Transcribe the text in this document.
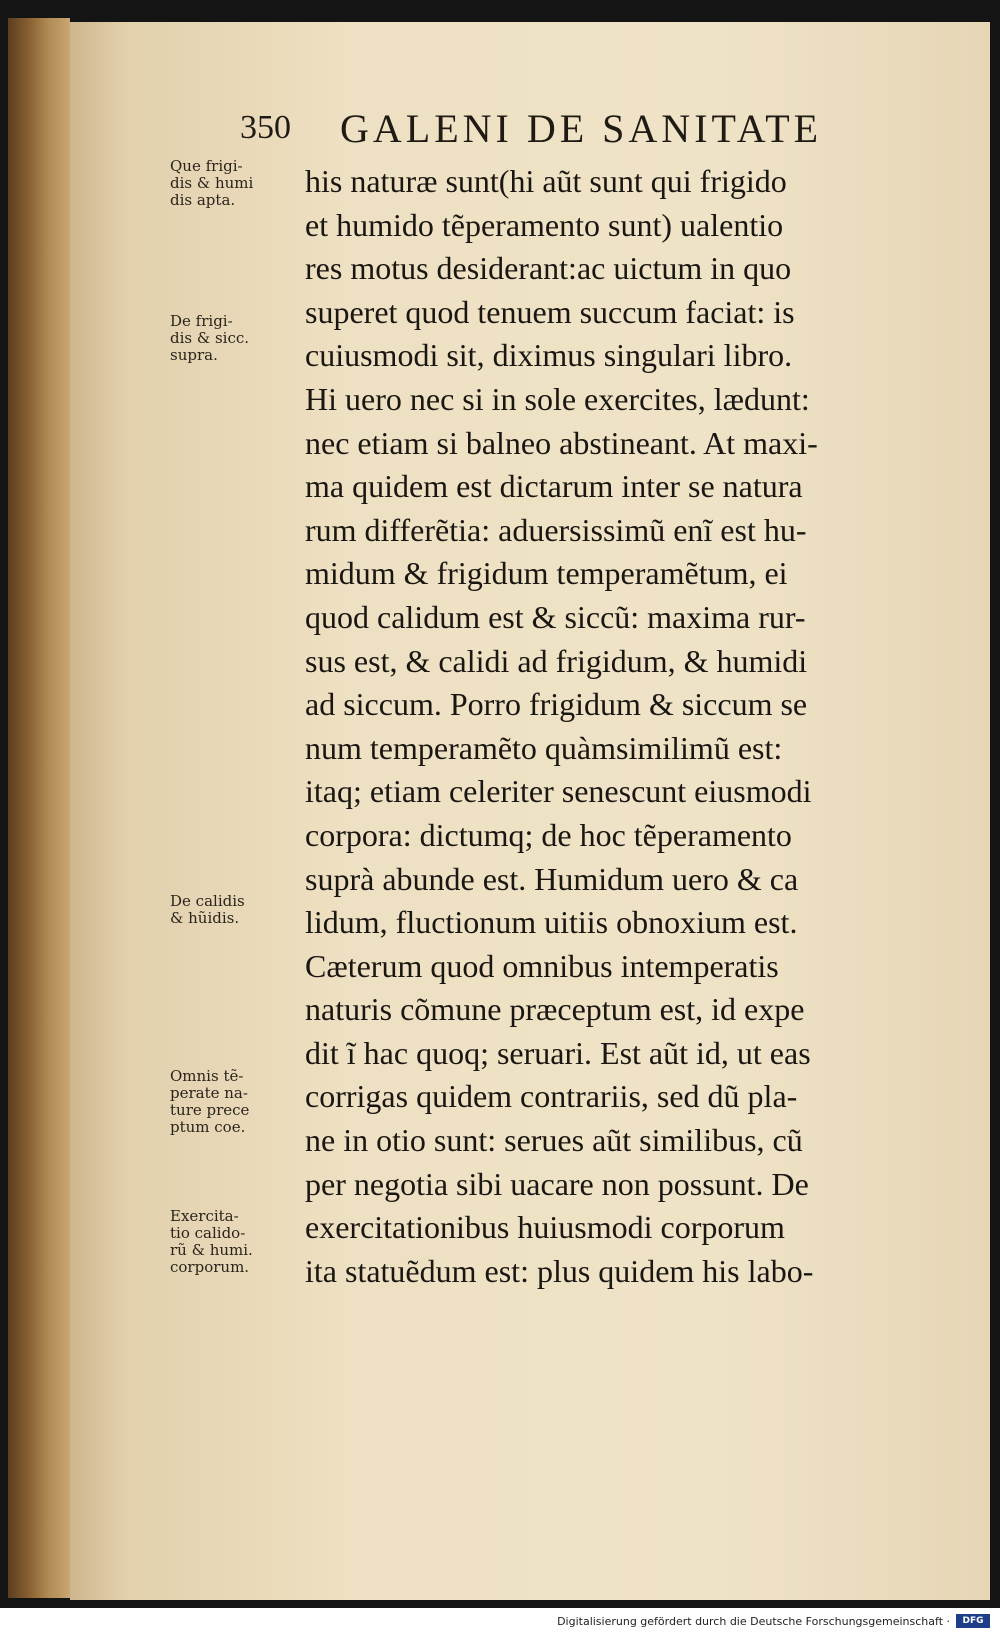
350 GALENI DE SANITATE
Que frigi-
dis & humi
dis apta.
De frigi-
dis & sicc.
supra.
De calidis
& hũidis.
Omnis tẽ-
perate na-
ture prece
ptum coe.
Exercita-
tio calido-
rũ & humi.
corporum.
his naturæ sunt(hi aũt sunt qui frigido
et humido tẽperamento sunt) ualentio
res motus desiderant:ac uictum in quo
superet quod tenuem succum faciat: is
cuiusmodi sit, diximus singulari libro.
Hi uero nec si in sole exercites, lædunt:
nec etiam si balneo abstineant. At maxi-
ma quidem est dictarum inter se natura
rum differẽtia: aduersissimũ enĩ est hu-
midum & frigidum temperamẽtum, ei
quod calidum est & siccũ: maxima rur-
sus est, & calidi ad frigidum, & humidi
ad siccum. Porro frigidum & siccum se
num temperamẽto quàmsimilimũ est:
itaq; etiam celeriter senescunt eiusmodi
corpora: dictumq; de hoc tẽperamento
suprà abunde est. Humidum uero & ca
lidum, fluctionum uitiis obnoxium est.
Cæterum quod omnibus intemperatis
naturis cõmune præceptum est, id expe
dit ĩ hac quoq; seruari. Est aũt id, ut eas
corrigas quidem contrariis, sed dũ pla-
ne in otio sunt: serues aũt similibus, cũ
per negotia sibi uacare non possunt. De
exercitationibus huiusmodi corporum
ita statuẽdum est: plus quidem his labo-
Digitalisierung gefördert durch die Deutsche Forschungsgemeinschaft ·	DFG
